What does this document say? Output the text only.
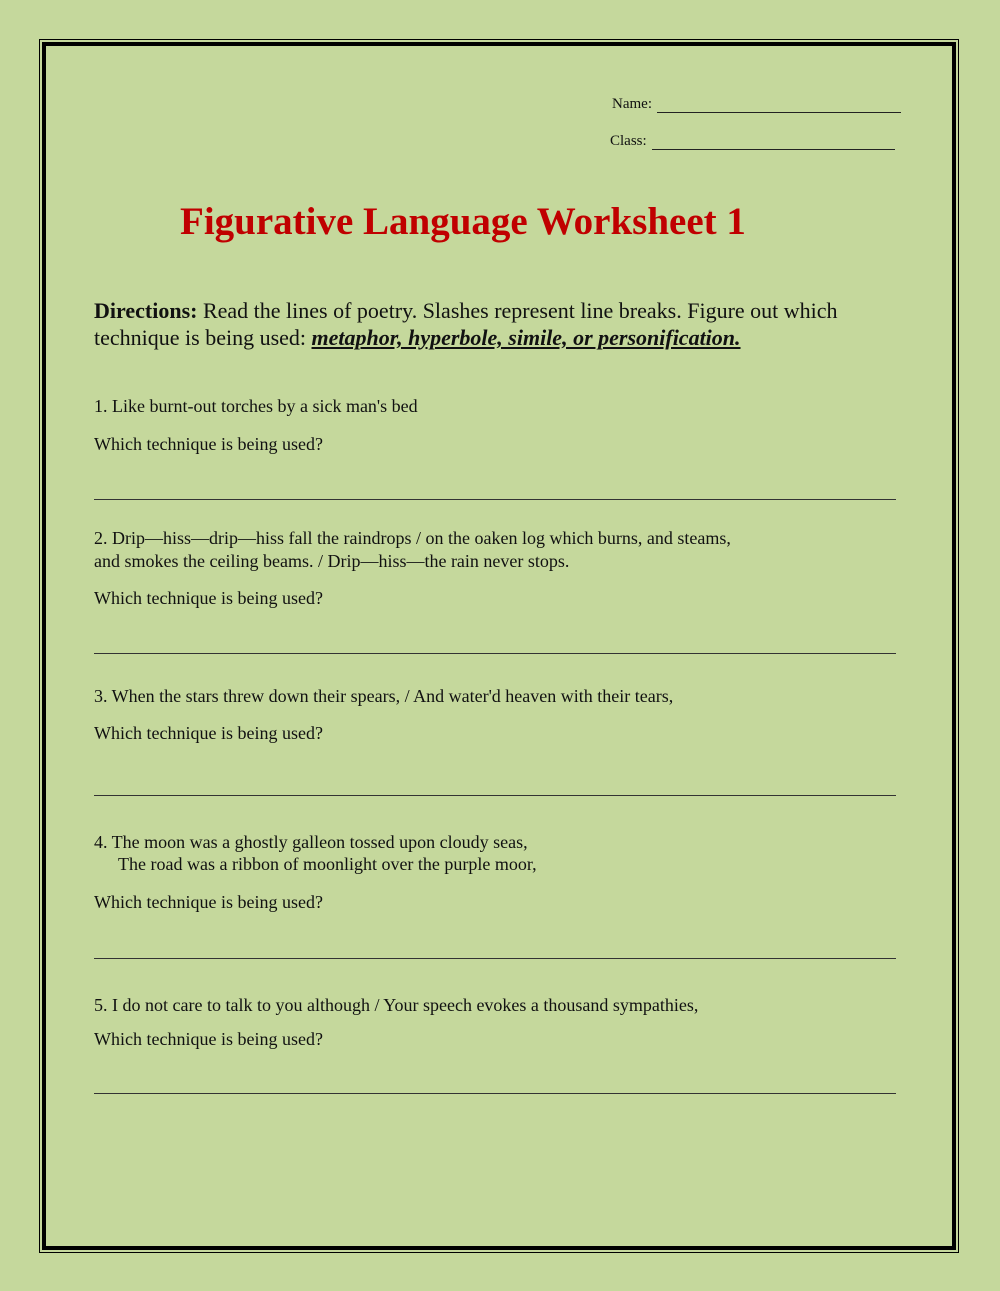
Name:
Class:
Figurative Language Worksheet 1

Directions: Read the lines of poetry. Slashes represent line breaks. Figure out which
technique is being used: metaphor, hyperbole, simile, or personification.

1. Like burnt-out torches by a sick man's bed

Which technique is being used?

2. Drip—hiss—drip—hiss fall the raindrops / on the oaken log which burns, and steams,

and smokes the ceiling beams. / Drip—hiss—the rain never stops.

Which technique is being used?

3. When the stars threw down their spears, / And water'd heaven with their tears,

Which technique is being used?

4. The moon was a ghostly galleon tossed upon cloudy seas,

The road was a ribbon of moonlight over the purple moor,

Which technique is being used?

5. I do not care to talk to you although / Your speech evokes a thousand sympathies,

Which technique is being used?
